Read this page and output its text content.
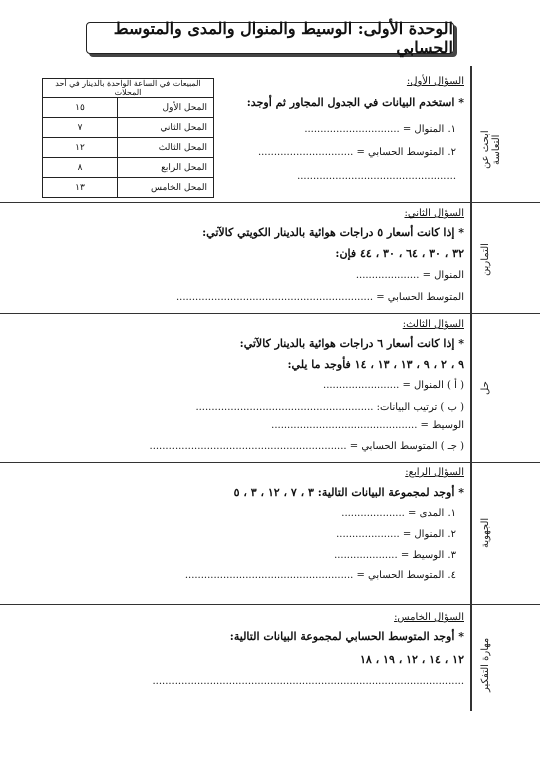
الوحدة الأولى: الوسيط والمنوال والمدى والمتوسط الحسابي
المبيعات في الساعة الواحدة بالدينار في أحد المحلات	
المحل الأول	١٥
المحل الثاني	٧
المحل الثالث	١٢
المحل الرابع	٨
المحل الخامس	١٣
السؤال الأول:
* استخدم البيانات في الجدول المجاور ثم أوجد:
١. المنوال = ..............................
٢. المتوسط الحسابي = ..............................
..................................................
ابحث عن التعاسة
السؤال الثاني:
* إذا كانت أسعار ٥ دراجات هوائية بالدينار الكويتي كالآتي:
٣٢ ، ٣٠ ، ٦٤ ، ٣٠ ، ٤٤ فإن:
المنوال = ....................
المتوسط الحسابي = ..............................................................
التمارين
السؤال الثالث:
* إذا كانت أسعار ٦ دراجات هوائية بالدينار كالآتي:
٩ ، ٢ ، ٩ ، ١٣ ، ١٣ ، ١٤ فأوجد ما يلي:
( أ ) المنوال = ........................
( ب ) ترتيب البيانات: ........................................................
الوسيط = ..............................................
( جـ ) المتوسط الحسابي = ..............................................................
حل
السؤال الرابع:
* أوجد لمجموعة البيانات التالية: ٣ ، ٧ ، ١٢ ، ٣ ، ٥
١. المدى = ....................
٢. المنوال = ....................
٣. الوسيط = ....................
٤. المتوسط الحسابي = .....................................................
الجهوية
السؤال الخامس:
* أوجد المتوسط الحسابي لمجموعة البيانات التالية:
١٢ ، ١٤ ، ١٢ ، ١٩ ، ١٨
.................................................................................................. مهارة التفكير
